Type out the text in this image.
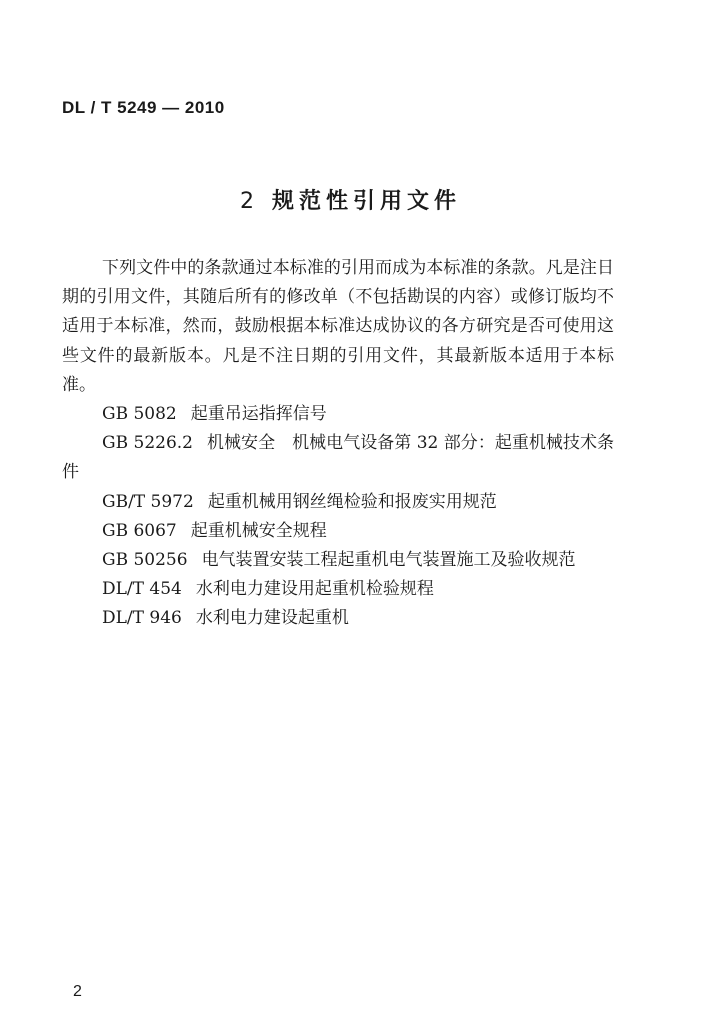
DL / T 5249 — 2010
2 规范性引用文件

下列文件中的条款通过本标准的引用而成为本标准的条款。凡是注日期的引用文件，其随后所有的修改单（不包括勘误的内容）或修订版均不适用于本标准，然而，鼓励根据本标准达成协议的各方研究是否可使用这些文件的最新版本。凡是不注日期的引用文件，其最新版本适用于本标准。

GB 5082 起重吊运指挥信号

GB 5226.2 机械安全　机械电气设备第 32 部分：起重机械技术条件

GB/T 5972 起重机械用钢丝绳检验和报废实用规范

GB 6067 起重机械安全规程

GB 50256 电气装置安装工程起重机电气装置施工及验收规范

DL/T 454 水利电力建设用起重机检验规程

DL/T 946 水利电力建设起重机

2
